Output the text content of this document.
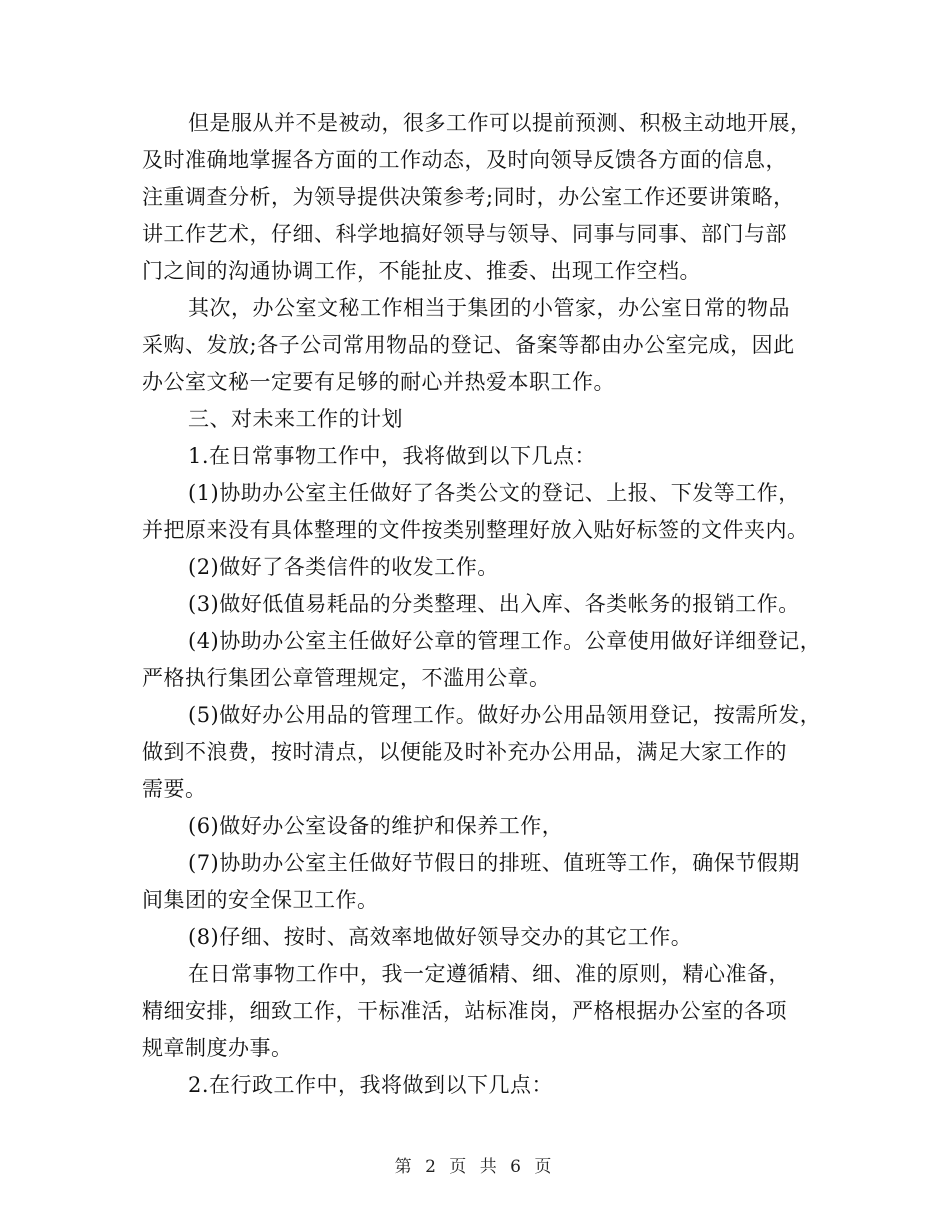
但是服从并不是被动，很多工作可以提前预测、积极主动地开展，
及时准确地掌握各方面的工作动态，及时向领导反馈各方面的信息，
注重调查分析，为领导提供决策参考;同时，办公室工作还要讲策略，
讲工作艺术，仔细、科学地搞好领导与领导、同事与同事、部门与部
门之间的沟通协调工作，不能扯皮、推委、出现工作空档。
其次，办公室文秘工作相当于集团的小管家，办公室日常的物品
采购、发放;各子公司常用物品的登记、备案等都由办公室完成，因此
办公室文秘一定要有足够的耐心并热爱本职工作。
三、对未来工作的计划
1.在日常事物工作中，我将做到以下几点：
(1)协助办公室主任做好了各类公文的登记、上报、下发等工作，
并把原来没有具体整理的文件按类别整理好放入贴好标签的文件夹内。
(2)做好了各类信件的收发工作。
(3)做好低值易耗品的分类整理、出入库、各类帐务的报销工作。
(4)协助办公室主任做好公章的管理工作。公章使用做好详细登记，
严格执行集团公章管理规定，不滥用公章。
(5)做好办公用品的管理工作。做好办公用品领用登记，按需所发，
做到不浪费，按时清点，以便能及时补充办公用品，满足大家工作的
需要。
(6)做好办公室设备的维护和保养工作，
(7)协助办公室主任做好节假日的排班、值班等工作，确保节假期
间集团的安全保卫工作。
(8)仔细、按时、高效率地做好领导交办的其它工作。
在日常事物工作中，我一定遵循精、细、准的原则，精心准备，
精细安排，细致工作，干标准活，站标准岗，严格根据办公室的各项
规章制度办事。
2.在行政工作中，我将做到以下几点：
第 2 页 共 6 页
